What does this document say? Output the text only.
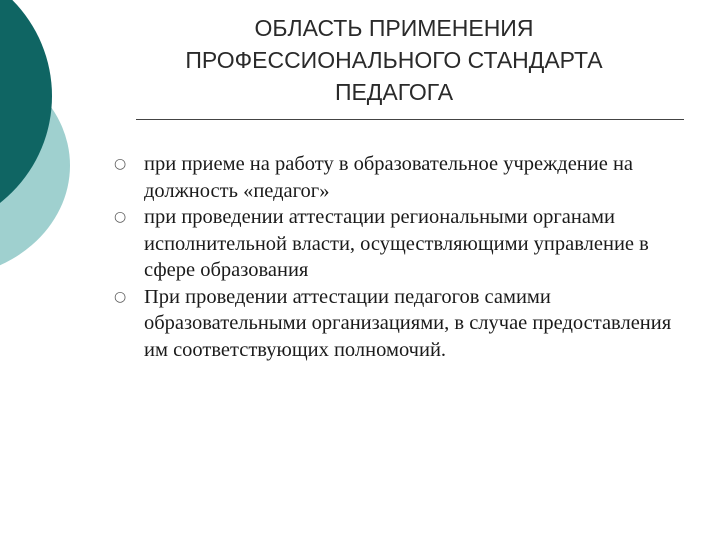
ОБЛАСТЬ ПРИМЕНЕНИЯ
ПРОФЕССИОНАЛЬНОГО СТАНДАРТА
ПЕДАГОГА
○ при приеме на работу в образовательное учреждение на должность «педагог»
○ при проведении аттестации региональными органами исполнительной власти, осуществляющими управление в сфере образования
○ При проведении аттестации педагогов самими образовательными организациями, в случае предоставления им соответствующих полномочий.
